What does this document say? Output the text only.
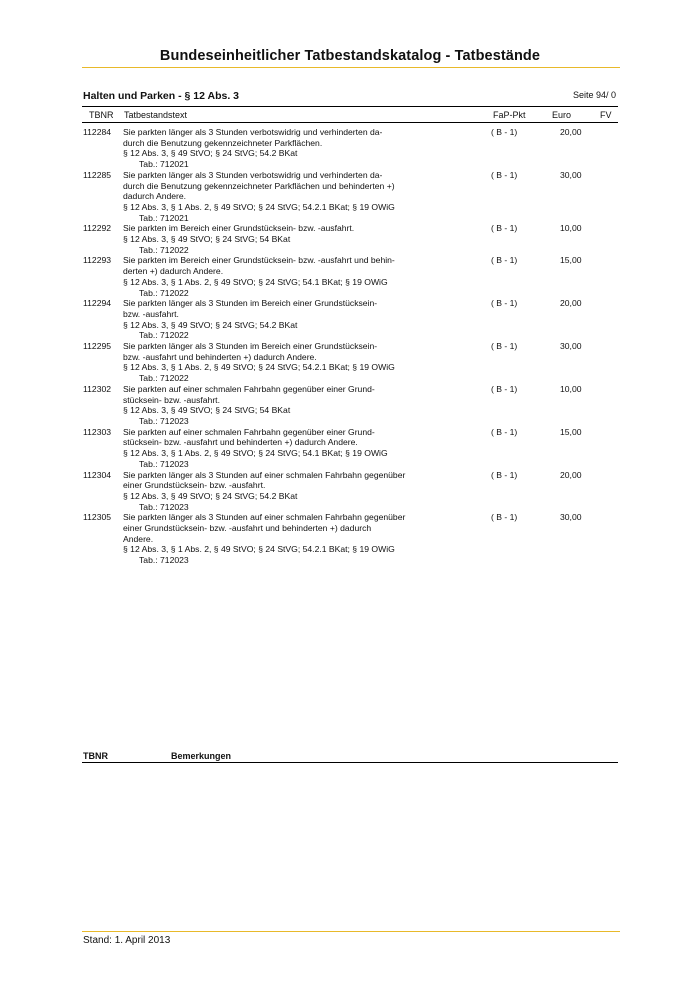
Bundeseinheitlicher Tatbestandskatalog - Tatbestände
Halten und Parken - § 12 Abs. 3	Seite 94/ 0
TBNR Tatbestandstext	FaP-Pkt	Euro	FV
112284 Sie parkten länger als 3 Stunden verbotswidrig und verhinderten da-
durch die Benutzung gekennzeichneter Parkflächen.
§ 12 Abs. 3, § 49 StVO; § 24 StVG; 54.2 BKat
Tab.: 712021
( B - 1)	20,00
112285 Sie parkten länger als 3 Stunden verbotswidrig und verhinderten da-
durch die Benutzung gekennzeichneter Parkflächen und behinderten +)
dadurch Andere.
§ 12 Abs. 3, § 1 Abs. 2, § 49 StVO; § 24 StVG; 54.2.1 BKat; § 19 OWiG
Tab.: 712021
( B - 1)	30,00
112292 Sie parkten im Bereich einer Grundstücksein- bzw. -ausfahrt.
§ 12 Abs. 3, § 49 StVO; § 24 StVG; 54 BKat
Tab.: 712022
( B - 1)	10,00
112293 Sie parkten im Bereich einer Grundstücksein- bzw. -ausfahrt und behin-
derten +) dadurch Andere.
§ 12 Abs. 3, § 1 Abs. 2, § 49 StVO; § 24 StVG; 54.1 BKat; § 19 OWiG
Tab.: 712022
( B - 1)	15,00
112294 Sie parkten länger als 3 Stunden im Bereich einer Grundstücksein-
bzw. -ausfahrt.
§ 12 Abs. 3, § 49 StVO; § 24 StVG; 54.2 BKat
Tab.: 712022
( B - 1)	20,00
112295 Sie parkten länger als 3 Stunden im Bereich einer Grundstücksein-
bzw. -ausfahrt und behinderten +) dadurch Andere.
§ 12 Abs. 3, § 1 Abs. 2, § 49 StVO; § 24 StVG; 54.2.1 BKat; § 19 OWiG
Tab.: 712022
( B - 1)	30,00
112302 Sie parkten auf einer schmalen Fahrbahn gegenüber einer Grund-
stücksein- bzw. -ausfahrt.
§ 12 Abs. 3, § 49 StVO; § 24 StVG; 54 BKat
Tab.: 712023
( B - 1)	10,00
112303 Sie parkten auf einer schmalen Fahrbahn gegenüber einer Grund-
stücksein- bzw. -ausfahrt und behinderten +) dadurch Andere.
§ 12 Abs. 3, § 1 Abs. 2, § 49 StVO; § 24 StVG; 54.1 BKat; § 19 OWiG
Tab.: 712023
( B - 1)	15,00
112304 Sie parkten länger als 3 Stunden auf einer schmalen Fahrbahn gegenüber
einer Grundstücksein- bzw. -ausfahrt.
§ 12 Abs. 3, § 49 StVO; § 24 StVG; 54.2 BKat
Tab.: 712023
( B - 1)	20,00
112305 Sie parkten länger als 3 Stunden auf einer schmalen Fahrbahn gegenüber
einer Grundstücksein- bzw. -ausfahrt und behinderten +) dadurch
Andere.
§ 12 Abs. 3, § 1 Abs. 2, § 49 StVO; § 24 StVG; 54.2.1 BKat; § 19 OWiG
Tab.: 712023
( B - 1)	30,00
TBNR	Bemerkungen
Stand: 1. April 2013
